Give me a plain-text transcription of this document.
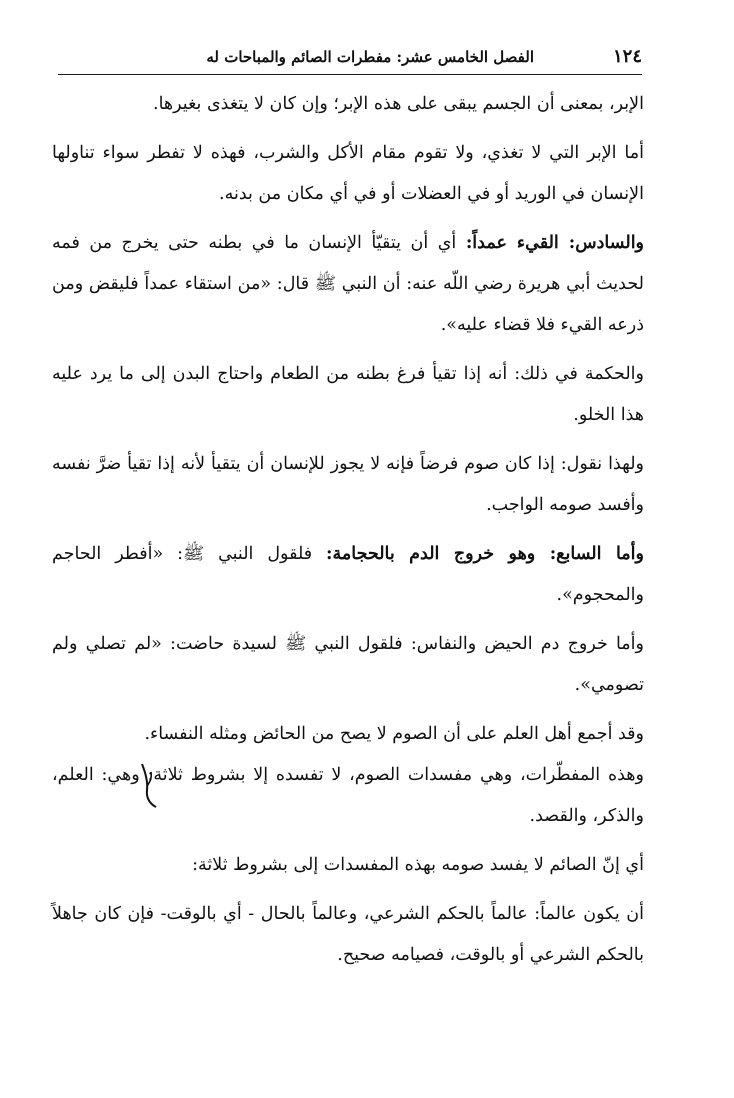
١٢٤
الفصل الخامس عشر: مفطرات الصائم والمباحات له

الإبر، بمعنى أن الجسم يبقى على هذه الإبر؛ وإن كان لا يتغذى بغيرها.

أما الإبر التي لا تغذي، ولا تقوم مقام الأكل والشرب، فهذه لا تفطر سواء تناولها الإنسان في الوريد أو في العضلات أو في أي مكان من بدنه.

والسادس: القيء عمداً: أي أن يتقيّأ الإنسان ما في بطنه حتى يخرج من فمه لحديث أبي هريرة رضي اللّه عنه: أن النبي ﷺ قال: «من استقاء عمداً فليقض ومن ذرعه القيء فلا قضاء عليه».

والحكمة في ذلك: أنه إذا تقيأ فرغ بطنه من الطعام واحتاج البدن إلى ما يرد عليه هذا الخلو.

ولهذا نقول: إذا كان صوم فرضاً فإنه لا يجوز للإنسان أن يتقيأ لأنه إذا تقيأ ضرَّ نفسه وأفسد صومه الواجب.

وأما السابع: وهو خروج الدم بالحجامة: فلقول النبي ﷺ: «أفطر الحاجم والمحجوم».

وأما خروج دم الحيض والنفاس: فلقول النبي ﷺ لسيدة حاضت: «لم تصلي ولم تصومي».

وقد أجمع أهل العلم على أن الصوم لا يصح من الحائض ومثله النفساء.

وهذه المفطّرات، وهي مفسدات الصوم، لا تفسده إلا بشروط ثلاثة: وهي: العلم، والذكر، والقصد.

أي إنّ الصائم لا يفسد صومه بهذه المفسدات إلى بشروط ثلاثة:

أن يكون عالماً: عالماً بالحكم الشرعي، وعالماً بالحال - أي بالوقت- فإن كان جاهلاً بالحكم الشرعي أو بالوقت، فصيامه صحيح.
